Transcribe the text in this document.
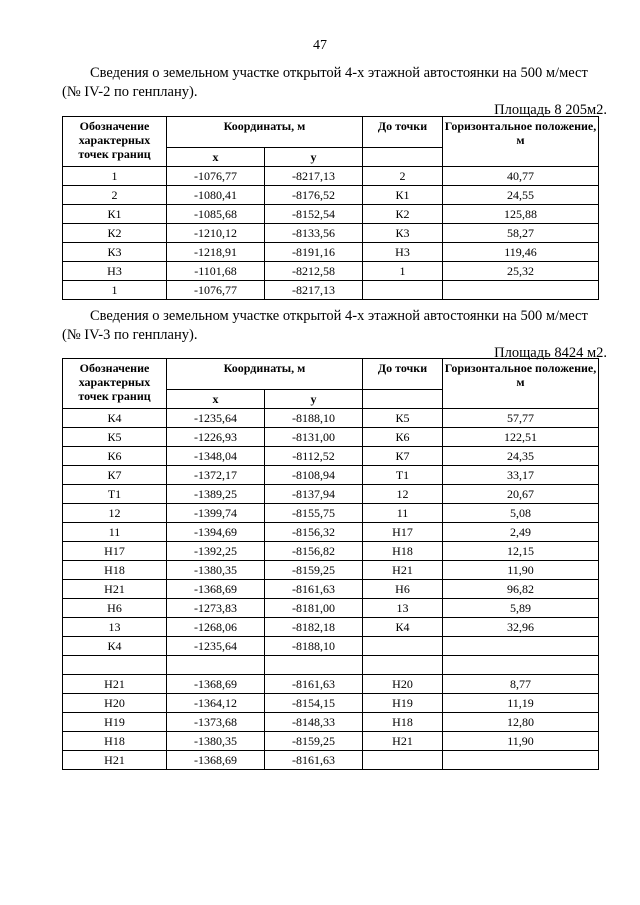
47
Сведения о земельном участке открытой 4-х этажной автостоянки на 500 м/мест (№ IV-2 по генплану).
Площадь 8 205м2.
Обозначение характерных точек границ	Координаты, м		До точки	Горизонтальное положение, м
	x	y		
1	-1076,77	-8217,13	2	40,77
2	-1080,41	-8176,52	К1	24,55
К1	-1085,68	-8152,54	К2	125,88
К2	-1210,12	-8133,56	К3	58,27
К3	-1218,91	-8191,16	Н3	119,46
Н3	-1101,68	-8212,58	1	25,32
1	-1076,77	-8217,13		
Сведения о земельном участке открытой 4-х этажной автостоянки на 500 м/мест (№ IV-3 по генплану).
Площадь 8424 м2.
Обозначение характерных точек границ	Координаты, м		До точки	Горизонтальное положение, м
	x	y		
К4	-1235,64	-8188,10	К5	57,77
К5	-1226,93	-8131,00	К6	122,51
К6	-1348,04	-8112,52	К7	24,35
К7	-1372,17	-8108,94	Т1	33,17
Т1	-1389,25	-8137,94	12	20,67
12	-1399,74	-8155,75	11	5,08
11	-1394,69	-8156,32	Н17	2,49
Н17	-1392,25	-8156,82	Н18	12,15
Н18	-1380,35	-8159,25	Н21	11,90
Н21	-1368,69	-8161,63	Н6	96,82
Н6	-1273,83	-8181,00	13	5,89
13	-1268,06	-8182,18	К4	32,96
К4	-1235,64	-8188,10		

Н21	-1368,69	-8161,63	Н20	8,77
Н20	-1364,12	-8154,15	Н19	11,19
Н19	-1373,68	-8148,33	Н18	12,80
Н18	-1380,35	-8159,25	Н21	11,90
Н21	-1368,69	-8161,63		
